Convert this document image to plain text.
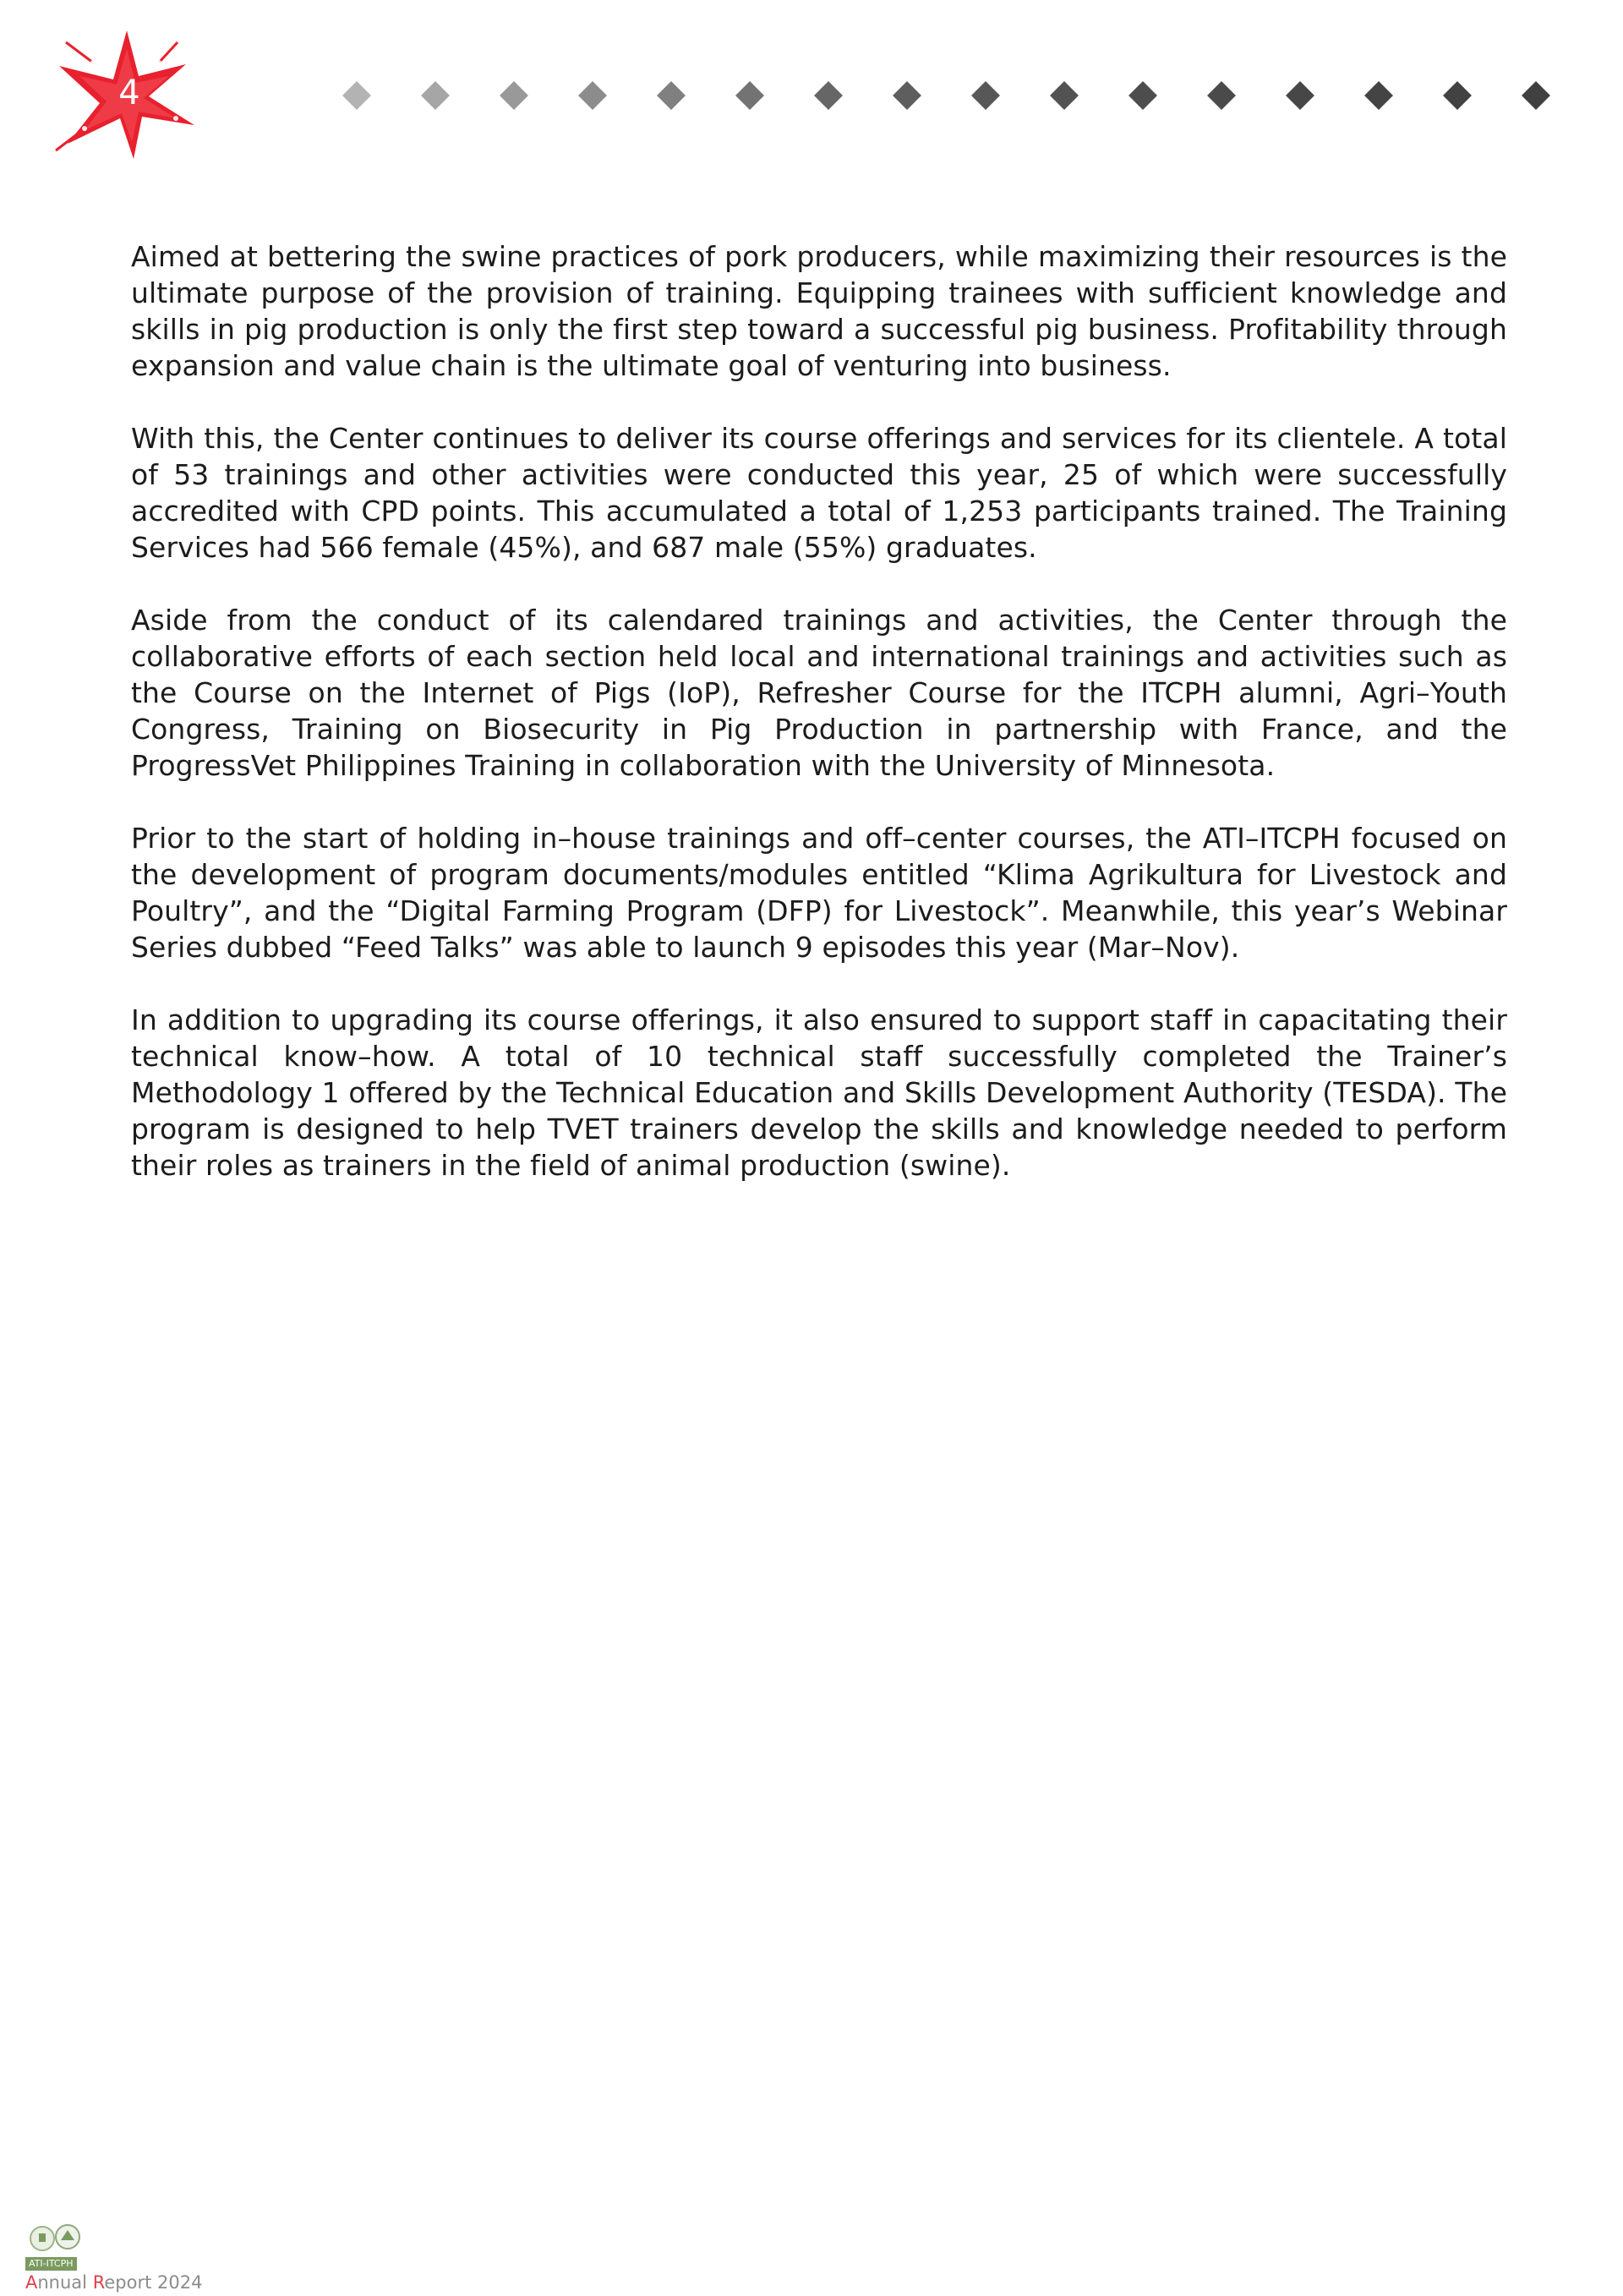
4

Aimed at bettering the swine practices of pork producers, while maximizing their resources is the ultimate purpose of the provision of training. Equipping trainees with sufficient knowledge and skills in pig production is only the first step toward a successful pig business. Profitability through expansion and value chain is the ultimate goal of venturing into business.

With this, the Center continues to deliver its course offerings and services for its clientele. A total of 53 trainings and other activities were conducted this year, 25 of which were successfully accredited with CPD points. This accumulated a total of 1,253 participants trained. The Training Services had 566 female (45%), and 687 male (55%) graduates.

Aside from the conduct of its calendared trainings and activities, the Center through the collaborative efforts of each section held local and international trainings and activities such as the Course on the Internet of Pigs (IoP), Refresher Course for the ITCPH alumni, Agri–Youth Congress, Training on Biosecurity in Pig Production in partnership with France, and the ProgressVet Philippines Training in collaboration with the University of Minnesota.

Prior to the start of holding in–house trainings and off–center courses, the ATI–ITCPH focused on the development of program documents/modules entitled “Klima Agrikultura for Livestock and Poultry”, and the “Digital Farming Program (DFP) for Livestock”. Meanwhile, this year’s Webinar Series dubbed “Feed Talks” was able to launch 9 episodes this year (Mar–Nov).

In addition to upgrading its course offerings, it also ensured to support staff in capacitating their technical know–how. A total of 10 technical staff successfully completed the Trainer’s Methodology 1 offered by the Technical Education and Skills Development Authority (TESDA). The program is designed to help TVET trainers develop the skills and knowledge needed to perform their roles as trainers in the field of animal production (swine).

ATI-ITCPH
Annual Report 2024
